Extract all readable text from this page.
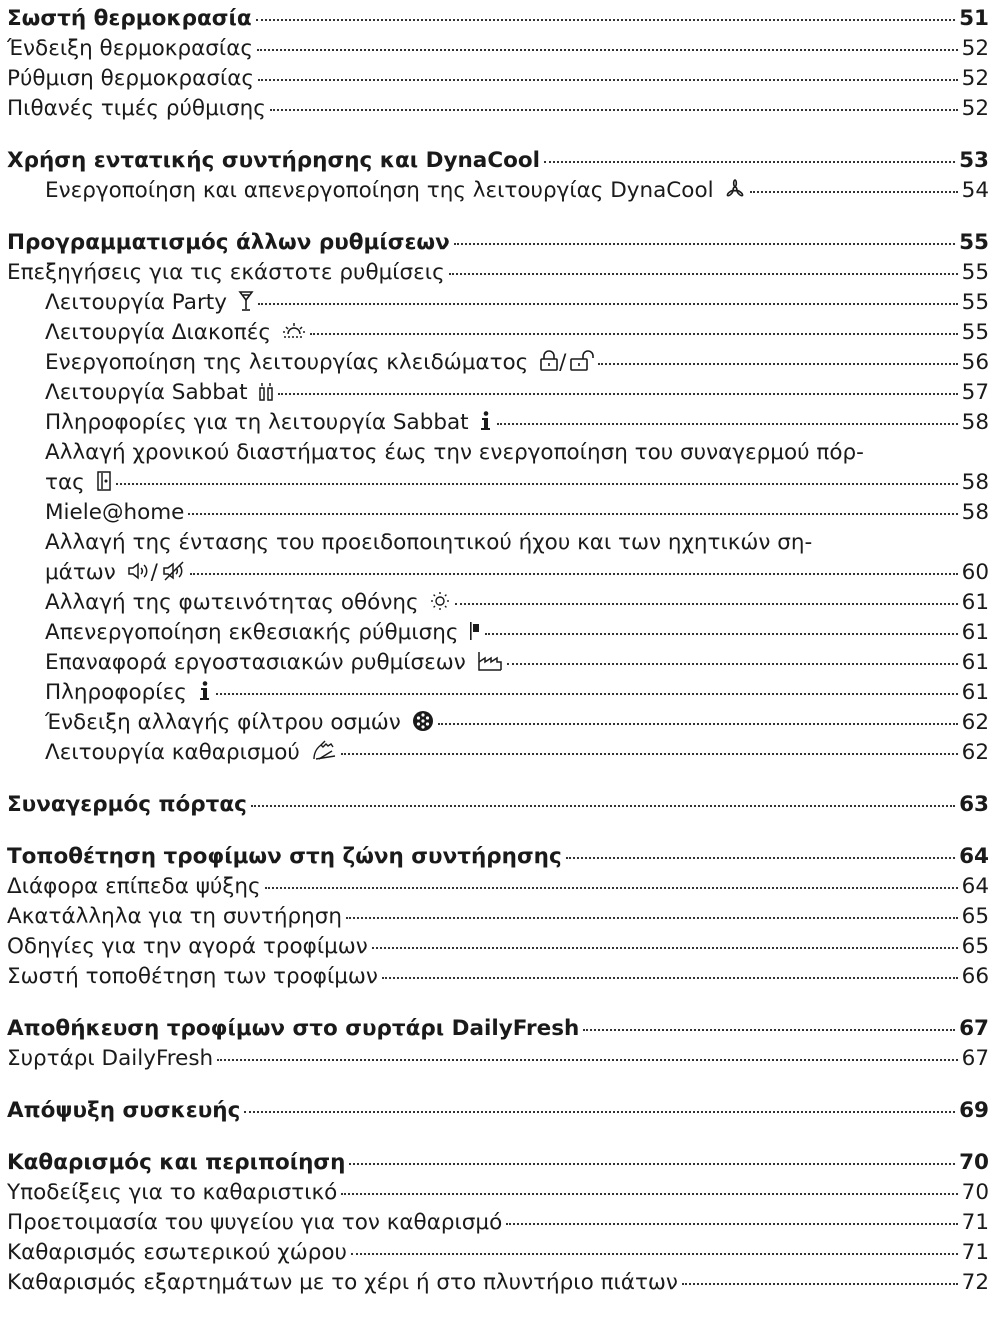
Σωστή θερμοκρασία	51
Ένδειξη θερμοκρασίας	52
Ρύθμιση θερμοκρασίας	52
Πιθανές τιμές ρύθμισης	52
Χρήση εντατικής συντήρησης και DynaCool	53
Ενεργοποίηση και απενεργοποίηση της λειτουργίας DynaCool	54
Προγραμματισμός άλλων ρυθμίσεων	55
Επεξηγήσεις για τις εκάστοτε ρυθμίσεις	55
Λειτουργία Party	55
Λειτουργία Διακοπές	55
Ενεργοποίηση της λειτουργίας κλειδώματος /	56
Λειτουργία Sabbat	57
Πληροφορίες για τη λειτουργία Sabbat	58
Αλλαγή χρονικού διαστήματος έως την ενεργοποίηση του συναγερμού πόρ-
τας	58
Miele@home	58
Αλλαγή της έντασης του προειδοποιητικού ήχου και των ηχητικών ση-
μάτων /	60
Αλλαγή της φωτεινότητας οθόνης	61
Απενεργοποίηση εκθεσιακής ρύθμισης	61
Επαναφορά εργοστασιακών ρυθμίσεων	61
Πληροφορίες	61
Ένδειξη αλλαγής φίλτρου οσμών	62
Λειτουργία καθαρισμού	62
Συναγερμός πόρτας	63
Τοποθέτηση τροφίμων στη ζώνη συντήρησης	64
Διάφορα επίπεδα ψύξης	64
Ακατάλληλα για τη συντήρηση	65
Οδηγίες για την αγορά τροφίμων	65
Σωστή τοποθέτηση των τροφίμων	66
Αποθήκευση τροφίμων στο συρτάρι DailyFresh	67
Συρτάρι DailyFresh	67
Απόψυξη συσκευής	69
Καθαρισμός και περιποίηση	70
Υποδείξεις για το καθαριστικό	70
Προετοιμασία του ψυγείου για τον καθαρισμό	71
Καθαρισμός εσωτερικού χώρου	71
Καθαρισμός εξαρτημάτων με το χέρι ή στο πλυντήριο πιάτων	72
